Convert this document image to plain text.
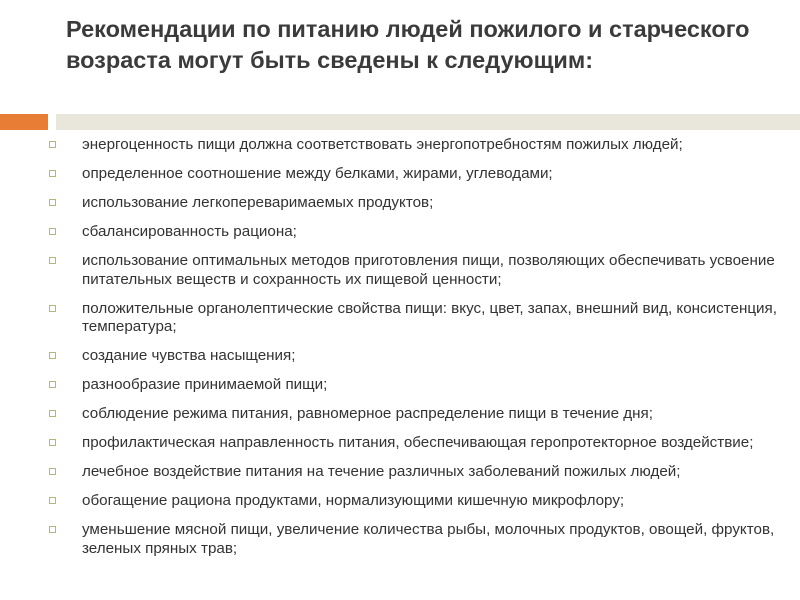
Рекомендации по питанию людей пожилого и старческого возраста могут быть сведены к следующим:
энергоценность пищи должна соответствовать энергопотребностям пожилых людей;
определенное соотношение между белками, жирами, углеводами;
использование легкопереваримаемых продуктов;
сбалансированность рациона;
использование оптимальных методов приготовления пищи, позволяющих обеспечивать усвоение питательных веществ и сохранность их пищевой ценности;
положительные органолептические свойства пищи: вкус, цвет, запах, внешний вид, консистенция, температура;
создание чувства насыщения;
разнообразие принимаемой пищи;
соблюдение режима питания, равномерное распределение пищи в течение дня;
профилактическая направленность питания, обеспечивающая геропротекторное воздействие;
лечебное воздействие питания на течение различных заболеваний пожилых людей;
обогащение рациона продуктами, нормализующими кишечную микрофлору;
уменьшение мясной пищи, увеличение количества рыбы, молочных продуктов, овощей, фруктов, зеленых пряных трав;
